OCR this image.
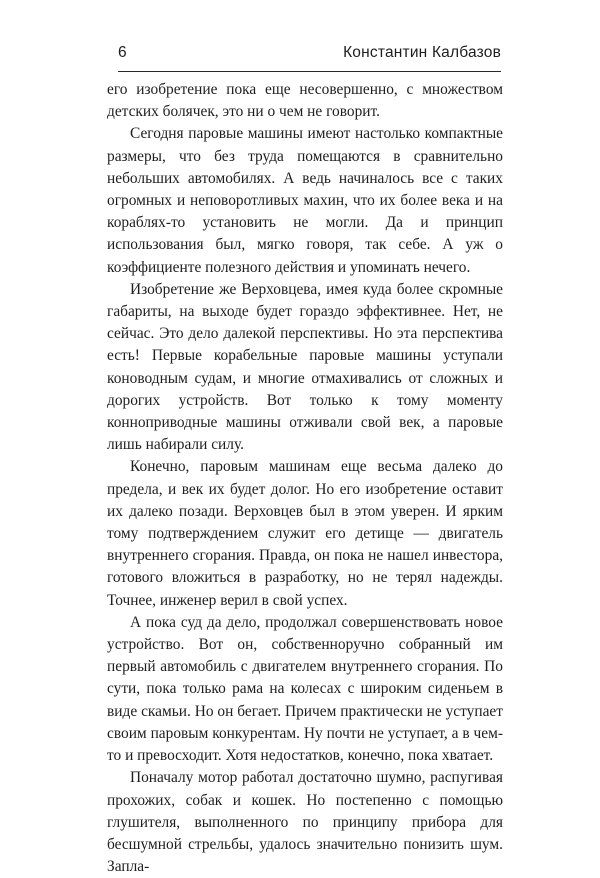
6	Константин Калбазов

его изобретение пока еще несовершенно, с множеством детских болячек, это ни о чем не говорит.

Сегодня паровые машины имеют настолько компактные размеры, что без труда помещаются в сравнительно небольших автомобилях. А ведь начиналось все с таких огромных и неповоротливых махин, что их более века и на кораблях-то установить не могли. Да и принцип использования был, мягко говоря, так себе. А уж о коэффициенте полезного действия и упоминать нечего.

Изобретение же Верховцева, имея куда более скромные габариты, на выходе будет гораздо эффективнее. Нет, не сейчас. Это дело далекой перспективы. Но эта перспектива есть! Первые корабельные паровые машины уступали коноводным судам, и многие отмахивались от сложных и дорогих устройств. Вот только к тому моменту конноприводные машины отживали свой век, а паровые лишь набирали силу.

Конечно, паровым машинам еще весьма далеко до предела, и век их будет долог. Но его изобретение оставит их далеко позади. Верховцев был в этом уверен. И ярким тому подтверждением служит его детище — двигатель внутреннего сгорания. Правда, он пока не нашел инвестора, готового вложиться в разработку, но не терял надежды. Точнее, инженер верил в свой успех.

А пока суд да дело, продолжал совершенствовать новое устройство. Вот он, собственноручно собранный им первый автомобиль с двигателем внутреннего сгорания. По сути, пока только рама на колесах с широким сиденьем в виде скамьи. Но он бегает. Причем практически не уступает своим паровым конкурентам. Ну почти не уступает, а в чем-то и превосходит. Хотя недостатков, конечно, пока хватает.

Поначалу мотор работал достаточно шумно, распугивая прохожих, собак и кошек. Но постепенно с помощью глушителя, выполненного по принципу прибора для бесшумной стрельбы, удалось значительно понизить шум. Запла-
